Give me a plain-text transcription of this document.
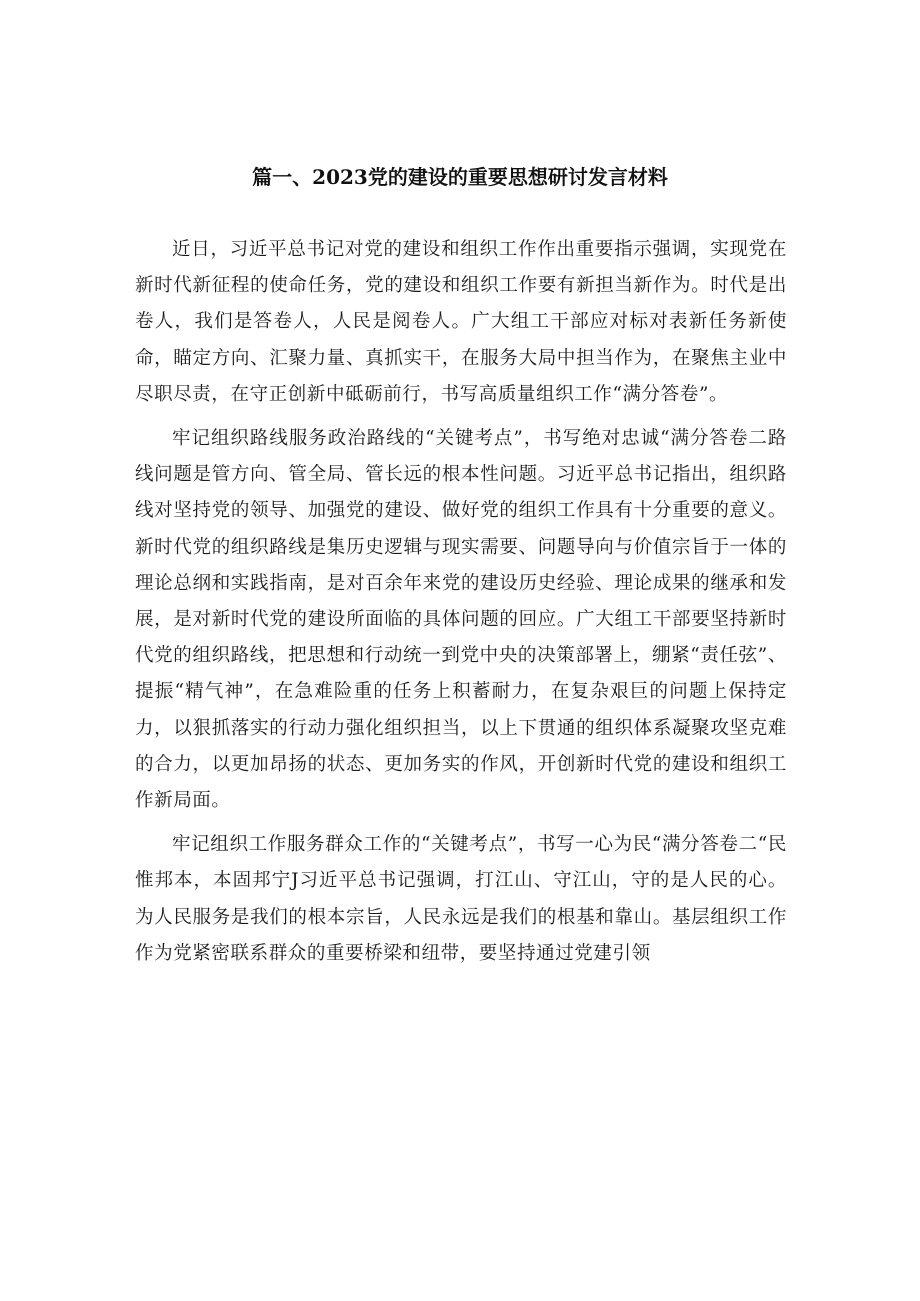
篇一、2023党的建设的重要思想研讨发言材料

近日，习近平总书记对党的建设和组织工作作出重要指示强调，实现党在新时代新征程的使命任务，党的建设和组织工作要有新担当新作为。时代是出卷人，我们是答卷人，人民是阅卷人。广大组工干部应对标对表新任务新使命，瞄定方向、汇聚力量、真抓实干，在服务大局中担当作为，在聚焦主业中尽职尽责，在守正创新中砥砺前行，书写高质量组织工作“满分答卷”。

牢记组织路线服务政治路线的“关键考点”，书写绝对忠诚“满分答卷二路线问题是管方向、管全局、管长远的根本性问题。习近平总书记指出，组织路线对坚持党的领导、加强党的建设、做好党的组织工作具有十分重要的意义。新时代党的组织路线是集历史逻辑与现实需要、问题导向与价值宗旨于一体的理论总纲和实践指南，是对百余年来党的建设历史经验、理论成果的继承和发展，是对新时代党的建设所面临的具体问题的回应。广大组工干部要坚持新时代党的组织路线，把思想和行动统一到党中央的决策部署上，绷紧“责任弦”、提振“精气神”，在急难险重的任务上积蓄耐力，在复杂艰巨的问题上保持定力，以狠抓落实的行动力强化组织担当，以上下贯通的组织体系凝聚攻坚克难的合力，以更加昂扬的状态、更加务实的作风，开创新时代党的建设和组织工作新局面。

牢记组织工作服务群众工作的“关键考点”，书写一心为民“满分答卷二“民惟邦本，本固邦宁J习近平总书记强调，打江山、守江山，守的是人民的心。为人民服务是我们的根本宗旨，人民永远是我们的根基和靠山。基层组织工作作为党紧密联系群众的重要桥梁和纽带，要坚持通过党建引领
